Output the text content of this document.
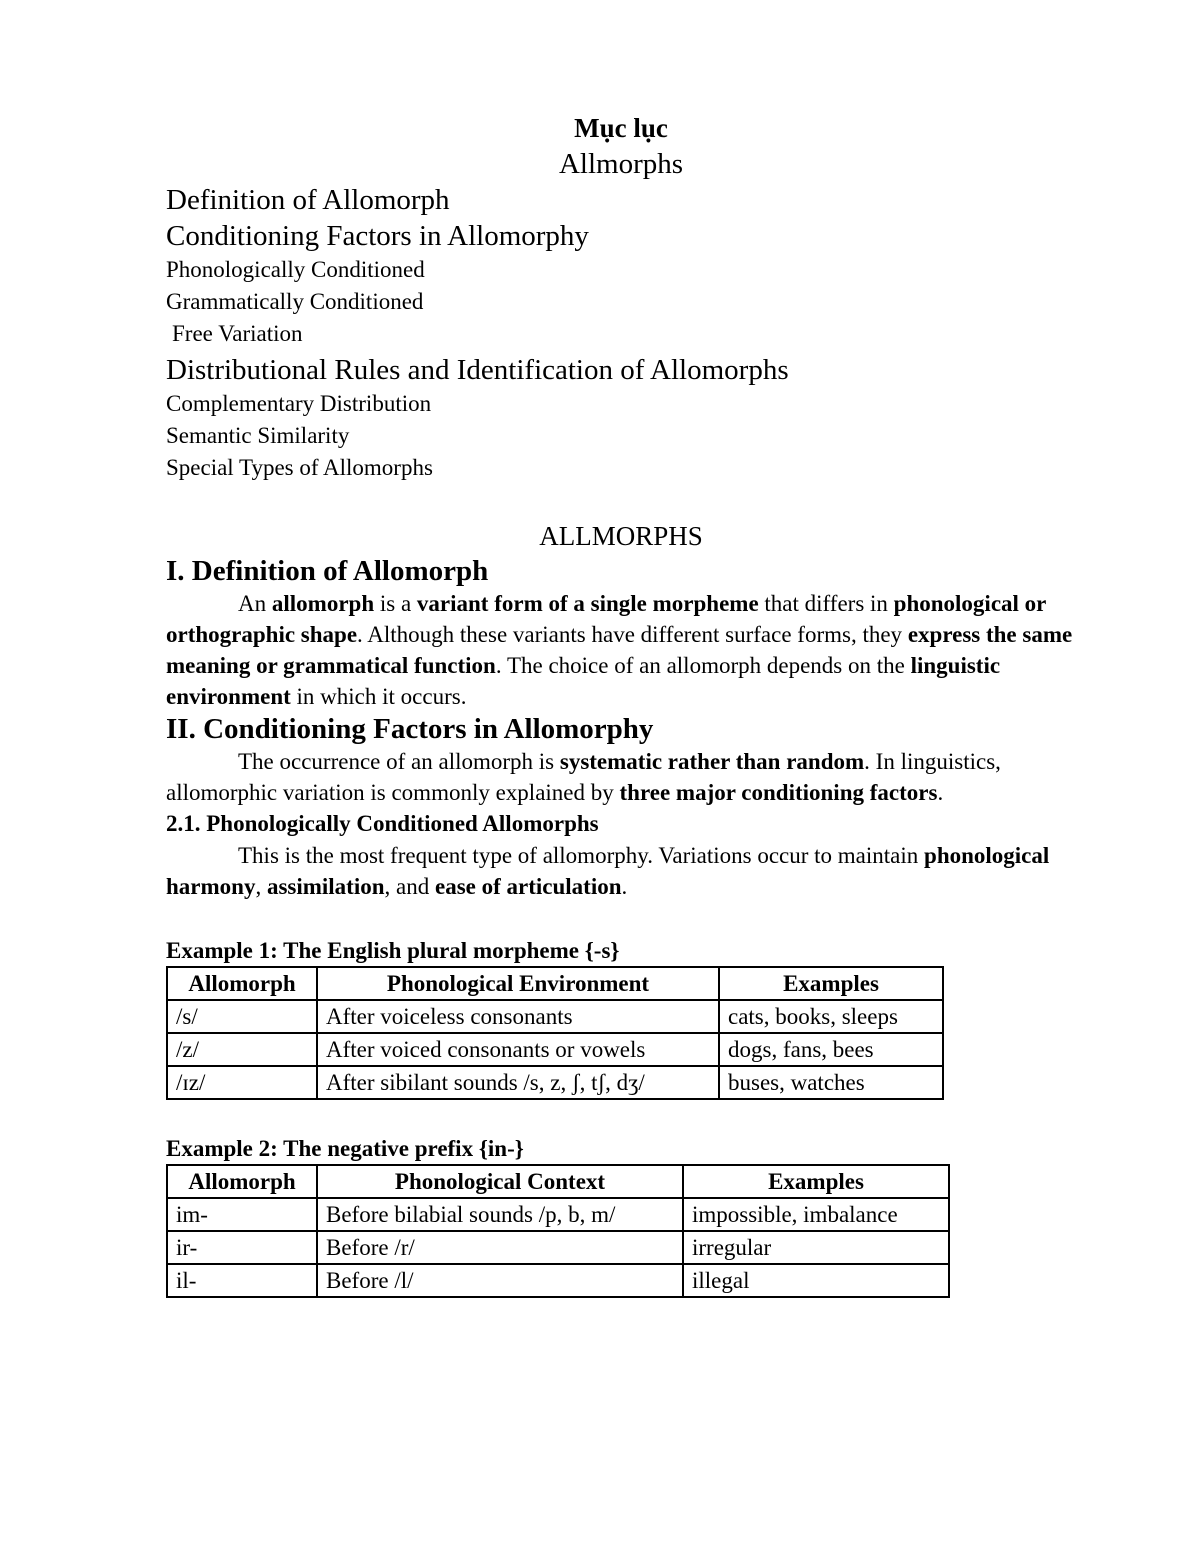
Mục lục

Allmorphs

Definition of Allomorph

Conditioning Factors in Allomorphy

Phonologically Conditioned

Grammatically Conditioned

Free Variation

Distributional Rules and Identification of Allomorphs

Complementary Distribution

Semantic Similarity

Special Types of Allomorphs

ALLMORPHS

I. Definition of Allomorph

An allomorph is a variant form of a single morpheme that differs in phonological or orthographic shape. Although these variants have different surface forms, they express the same meaning or grammatical function. The choice of an allomorph depends on the linguistic environment in which it occurs.

II. Conditioning Factors in Allomorphy

The occurrence of an allomorph is systematic rather than random. In linguistics, allomorphic variation is commonly explained by three major conditioning factors.

2.1. Phonologically Conditioned Allomorphs

This is the most frequent type of allomorphy. Variations occur to maintain phonological harmony, assimilation, and ease of articulation.

Example 1: The English plural morpheme {-s}

Allomorph	Phonological Environment	Examples
/s/	After voiceless consonants	cats, books, sleeps
/z/	After voiced consonants or vowels	dogs, fans, bees
/ɪz/	After sibilant sounds /s, z, ʃ, tʃ, dʒ/	buses, watches

Example 2: The negative prefix {in-}

Allomorph	Phonological Context	Examples
im-	Before bilabial sounds /p, b, m/	impossible, imbalance
ir-	Before /r/	irregular
il-	Before /l/	illegal
